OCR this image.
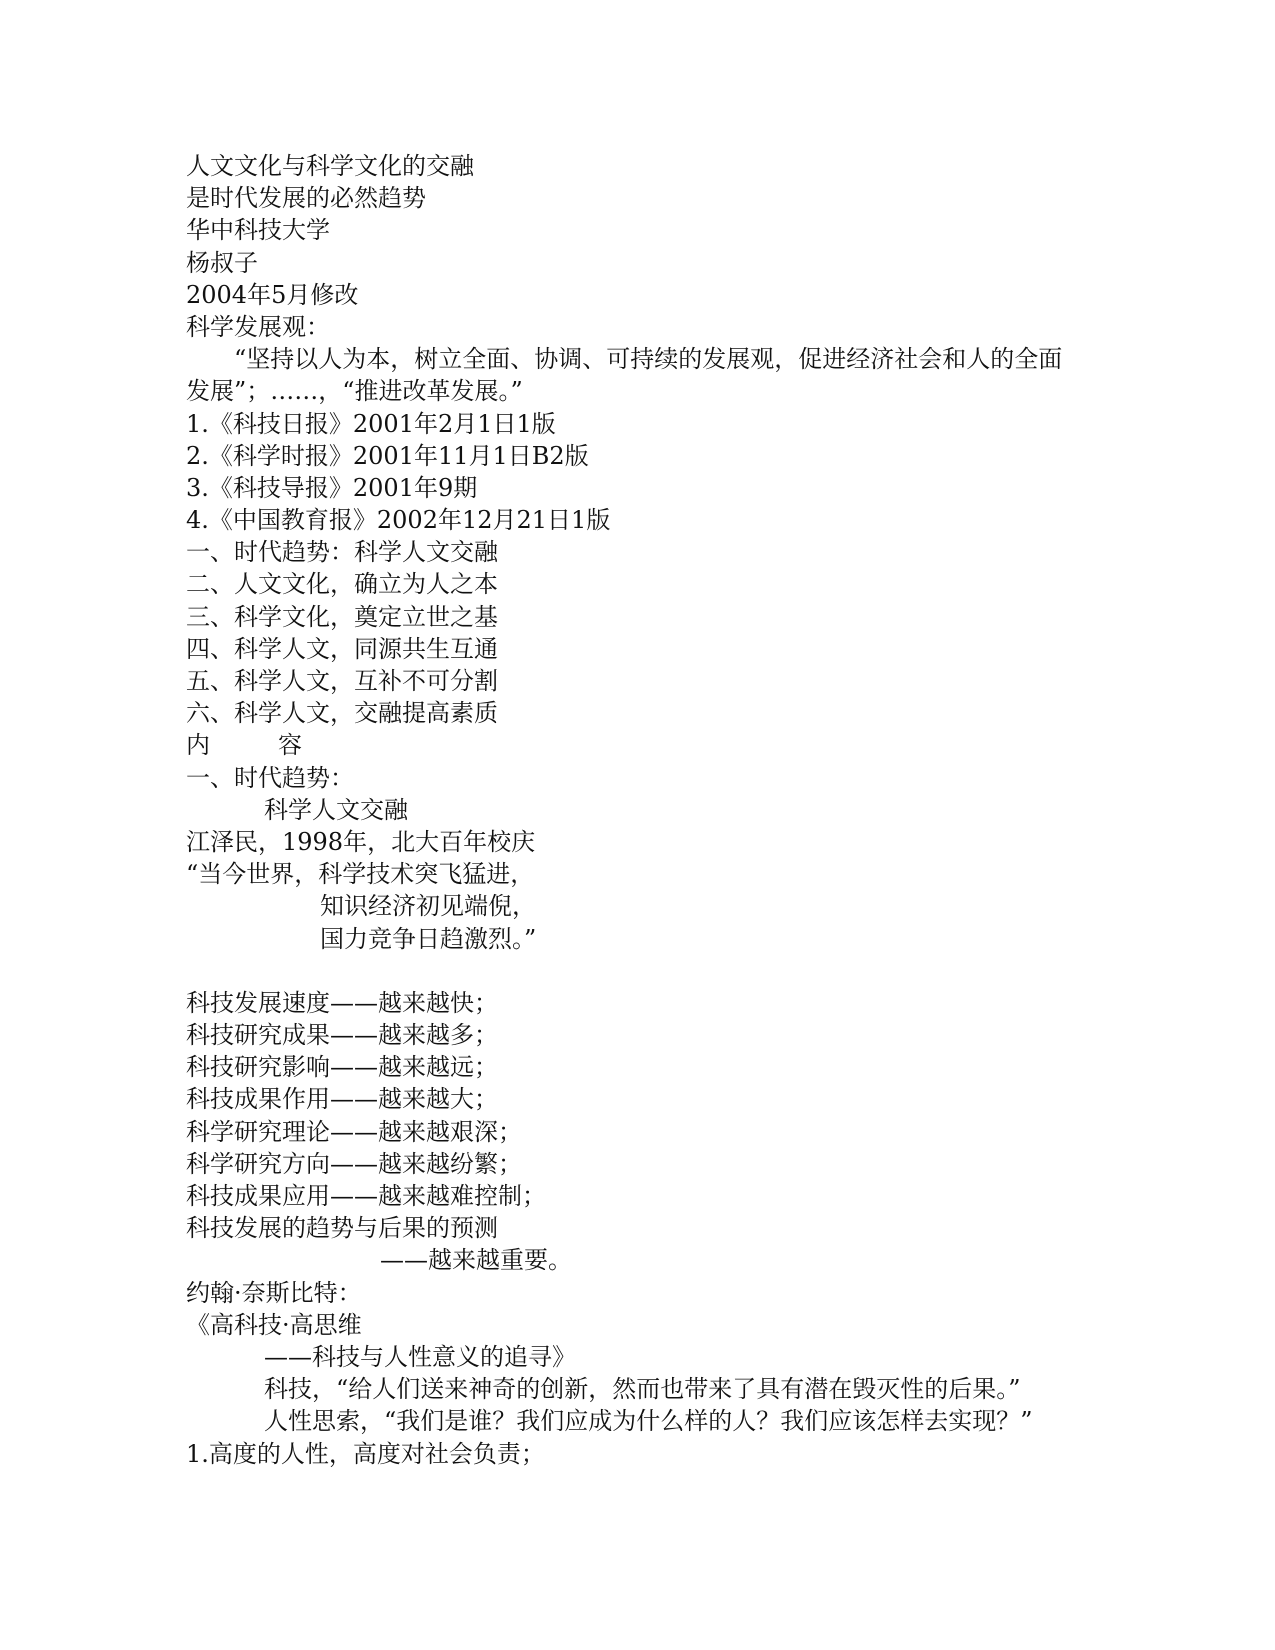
人文文化与科学文化的交融
是时代发展的必然趋势
华中科技大学
杨叔子
2004年5月修改
科学发展观：
“坚持以人为本，树立全面、协调、可持续的发展观，促进经济社会和人的全面
发展”；……，“推进改革发展。”
1.《科技日报》2001年2月1日1版
2.《科学时报》2001年11月1日B2版
3.《科技导报》2001年9期
4.《中国教育报》2002年12月21日1版
一、时代趋势：科学人文交融
二、人文文化，确立为人之本
三、科学文化，奠定立世之基
四、科学人文，同源共生互通
五、科学人文，互补不可分割
六、科学人文，交融提高素质
内	容
一、时代趋势：
科学人文交融
江泽民，1998年，北大百年校庆
“当今世界，科学技术突飞猛进，
知识经济初见端倪，
国力竞争日趋激烈。”
科技发展速度——越来越快；
科技研究成果——越来越多；
科技研究影响——越来越远；
科技成果作用——越来越大；
科学研究理论——越来越艰深；
科学研究方向——越来越纷繁；
科技成果应用——越来越难控制；
科技发展的趋势与后果的预测
——越来越重要。
约翰·奈斯比特：
《高科技·高思维
——科技与人性意义的追寻》
科技，“给人们送来神奇的创新，然而也带来了具有潜在毁灭性的后果。”
人性思索，“我们是谁？我们应成为什么样的人？我们应该怎样去实现？”
1.高度的人性，高度对社会负责；
